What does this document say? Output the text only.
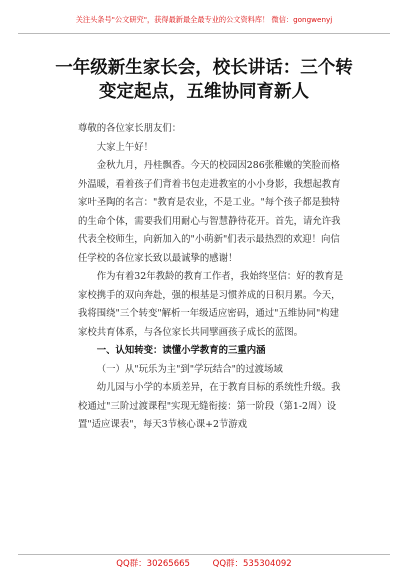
关注头条号"公文研究"，获得最新最全最专业的公文资料库！ 微信：gongwenyj
一年级新生家长会，校长讲话：三个转
变定起点，五维协同育新人

尊敬的各位家长朋友们：

大家上午好！

金秋九月，丹桂飘香。今天的校园因286张稚嫩的笑脸而格外温暖，看着孩子们背着书包走进教室的小小身影，我想起教育家叶圣陶的名言："教育是农业，不是工业。"每个孩子都是独特的生命个体，需要我们用耐心与智慧静待花开。首先，请允许我代表全校师生，向新加入的"小萌新"们表示最热烈的欢迎！向信任学校的各位家长致以最诚挚的感谢！

作为有着32年教龄的教育工作者，我始终坚信：好的教育是家校携手的双向奔赴，强的根基是习惯养成的日积月累。今天，我将围绕"三个转变"解析一年级适应密码，通过"五维协同"构建家校共育体系，与各位家长共同擘画孩子成长的蓝图。

一、认知转变：读懂小学教育的三重内涵

（一）从"玩乐为主"到"学玩结合"的过渡场域

幼儿园与小学的本质差异，在于教育目标的系统性升级。我校通过"三阶过渡课程"实现无缝衔接：第一阶段（第1-2周）设置"适应课表"，每天3节核心课+2节游戏

QQ群：30265665	QQ群：535304092
